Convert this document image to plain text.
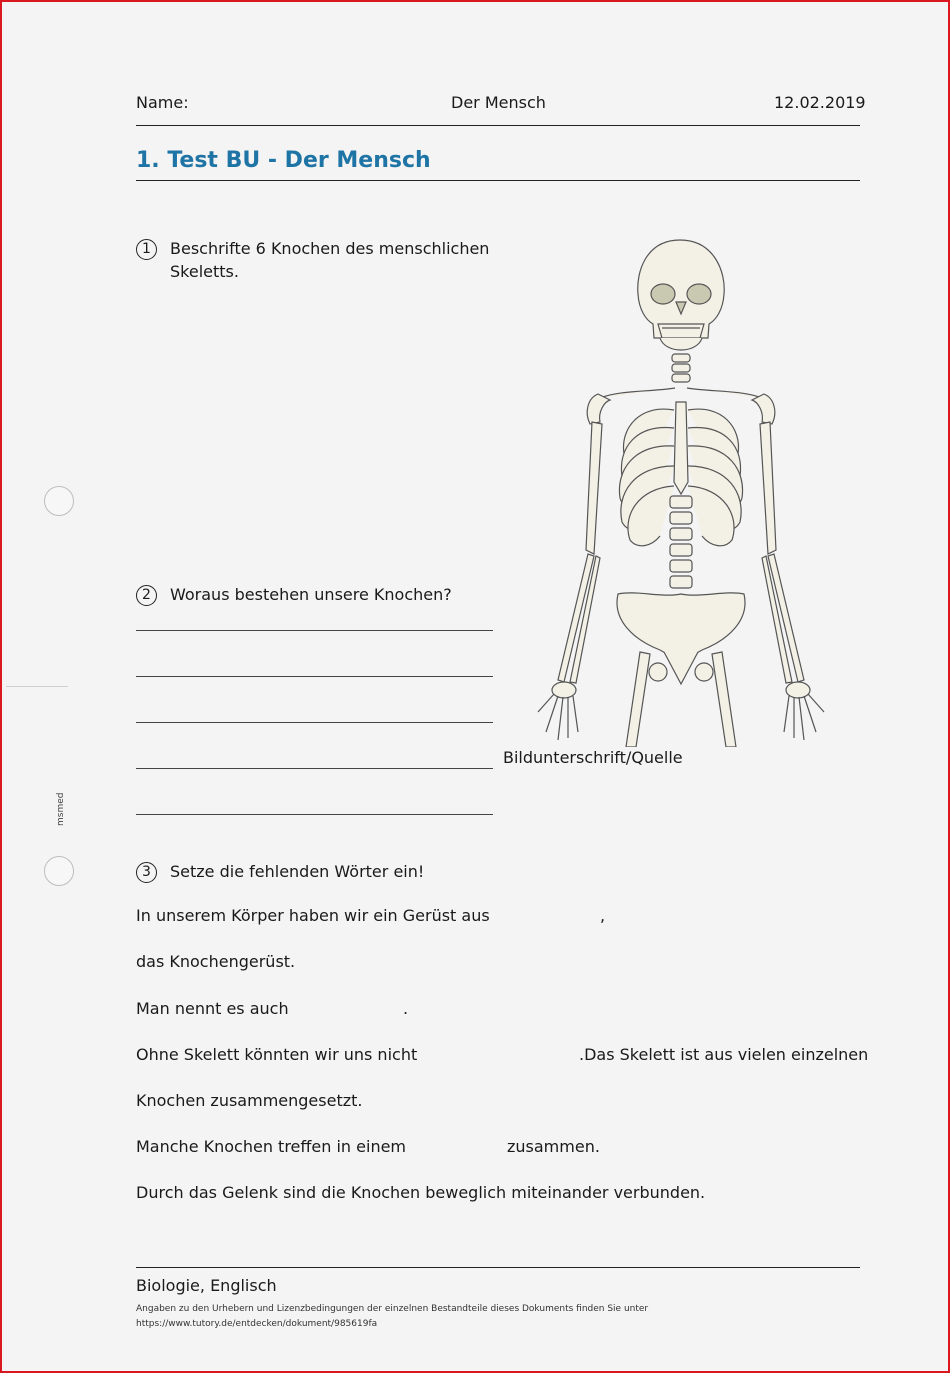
msmed
Name:	Der Mensch	12.02.2019
1. Test BU - Der Mensch
1	Beschrifte 6 Knochen des menschlichen
Skeletts.
2	Woraus bestehen unsere Knochen?
Bildunterschrift/Quelle
3	Setze die fehlenden Wörter ein!
In unserem Körper haben wir ein Gerüst aus	,
das Knochengerüst.
Man nennt es auch	.
Ohne Skelett könnten wir uns nicht	.Das Skelett ist aus vielen einzelnen
Knochen zusammengesetzt.
Manche Knochen treffen in einem	zusammen.
Durch das Gelenk sind die Knochen beweglich miteinander verbunden.
Biologie, Englisch
Angaben zu den Urhebern und Lizenzbedingungen der einzelnen Bestandteile dieses Dokuments finden Sie unter
https://www.tutory.de/entdecken/dokument/985619fa
